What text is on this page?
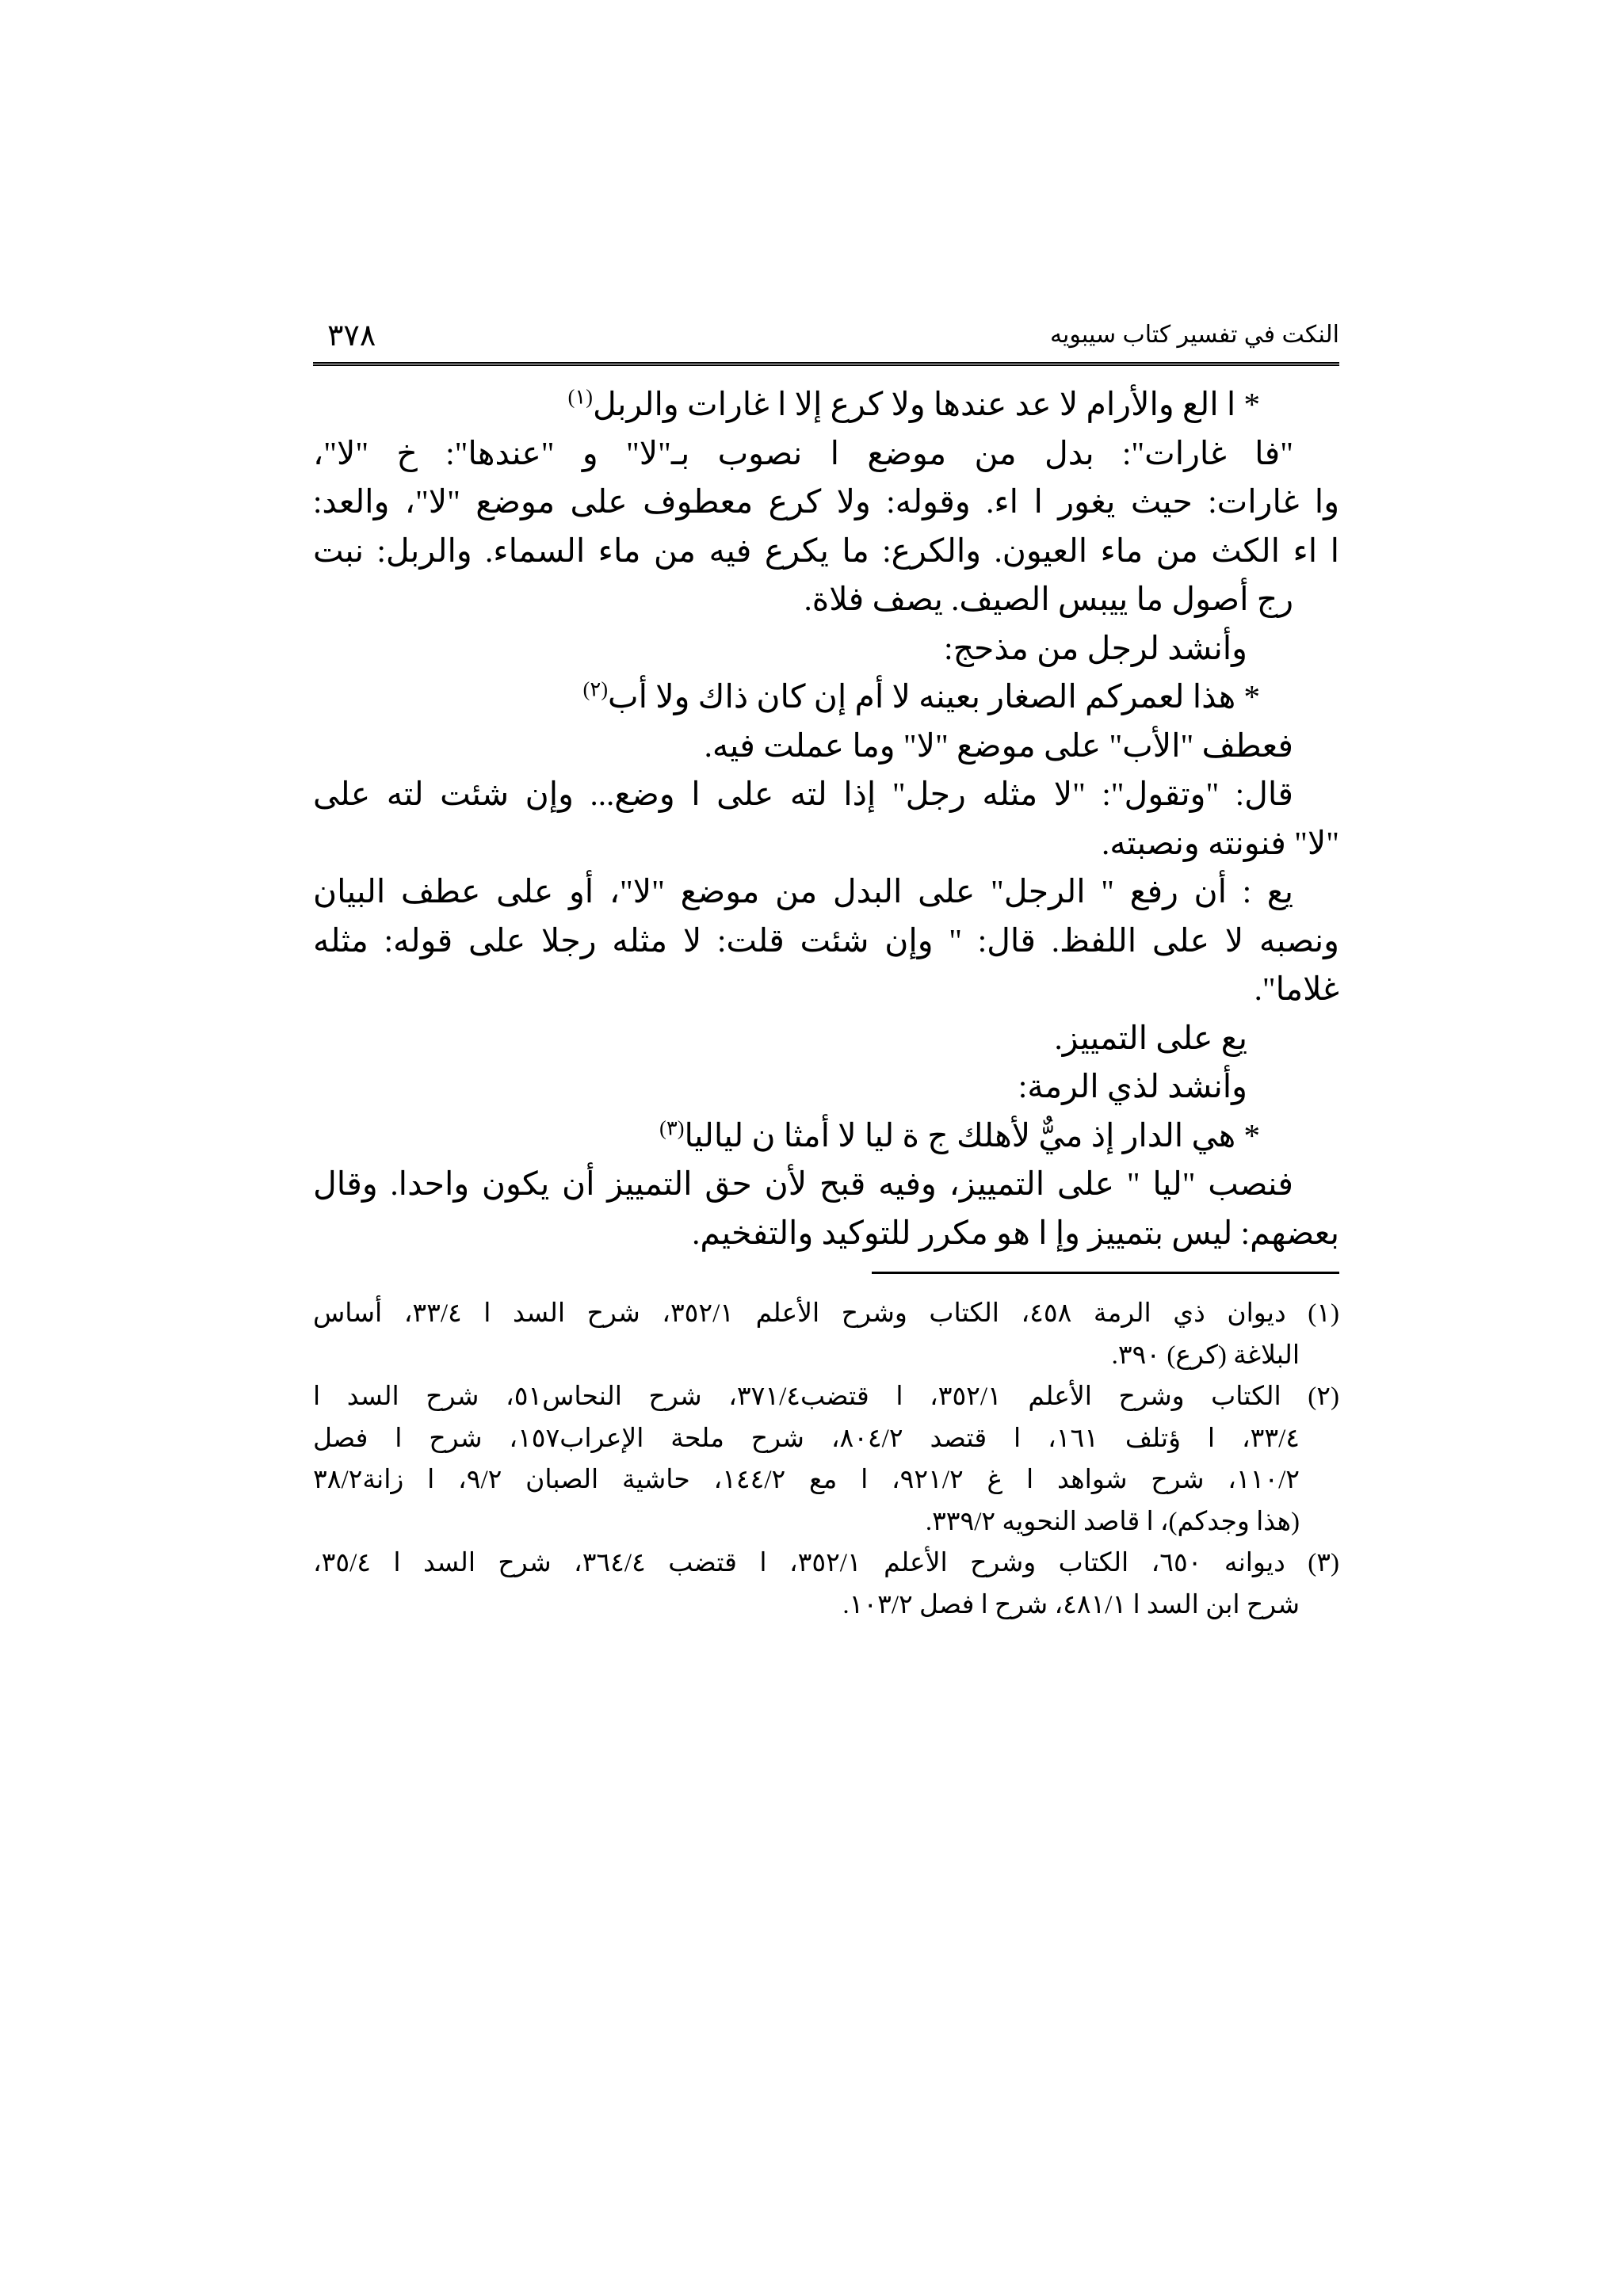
النكت في تفسير كتاب سيبويه
٣٧٨
* ا الع والأرام لا عد عندها ولا كرع إلا ا غارات والربل$^{(١)}$
"فا غارات": بدل من موضع ا نصوب بـ"لا" و "عندها": خ "لا"،
وا غارات: حيث يغور ا اء. وقوله: ولا كرع معطوف على موضع "لا"، والعد:
ا اء الكث من ماء العيون. والكرع: ما يكرع فيه من ماء السماء. والربل: نبت
رج أصول ما ييبس الصيف. يصف فلاة.
وأنشد لرجل من مذحج:
* هذا لعمركم الصغار بعينه لا أم إن كان ذاك ولا أب$^{(٢)}$
فعطف "الأب" على موضع "لا" وما عملت فيه.
قال: "وتقول": "لا مثله رجل" إذا لته على ا وضع... وإن شئت لته على
"لا" فنونته ونصبته.
يع : أن رفع " الرجل" على البدل من موضع "لا"، أو على عطف البيان
ونصبه لا على اللفظ. قال: " وإن شئت قلت: لا مثله رجلا على قوله: مثله
غلاما".
يع على التمييز.
وأنشد لذي الرمة:
* هي الدار إذ ميٌّ لأهلك ج ة ليا لا أمثا ن لياليا$^{(٣)}$
فنصب "ليا " على التمييز، وفيه قبح لأن حق التمييز أن يكون واحدا. وقال
بعضهم: ليس بتمييز وإ ا هو مكرر للتوكيد والتفخيم.
(١) ديوان ذي الرمة ٤٥٨، الكتاب وشرح الأعلم ٣٥٢/١، شرح السد ا ٣٣/٤، أساس
البلاغة (كرع) ٣٩٠.
(٢) الكتاب وشرح الأعلم ٣٥٢/١، ا قتضب٣٧١/٤، شرح النحاس٥١، شرح السد ا
٣٣/٤، ا ؤتلف ١٦١، ا قتصد ٨٠٤/٢، شرح ملحة الإعراب١٥٧، شرح ا فصل
١١٠/٢، شرح شواهد ا غ ٩٢١/٢، ا مع ١٤٤/٢، حاشية الصبان ٩/٢، ا زانة٣٨/٢
(هذا وجدكم)، ا قاصد النحويه ٣٣٩/٢.
(٣) ديوانه ٦٥٠، الكتاب وشرح الأعلم ٣٥٢/١، ا قتضب ٣٦٤/٤، شرح السد ا ٣٥/٤،
شرح ابن السد ا ٤٨١/١، شرح ا فصل ١٠٣/٢.
